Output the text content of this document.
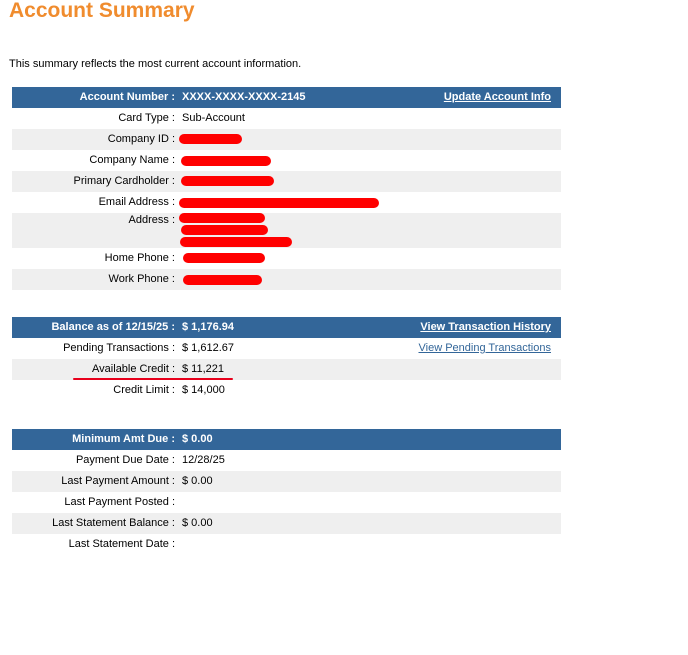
Account Summary
This summary reflects the most current account information.
Account Number : XXXX-XXXX-XXXX-2145	Update Account Info
Card Type : Sub-Account
Company ID :
Company Name :
Primary Cardholder :
Email Address :
Address :
Home Phone :
Work Phone :
Balance as of 12/15/25 : $ 1,176.94	View Transaction History
Pending Transactions : $ 1,612.67	View Pending Transactions
Available Credit : $ 11,221
Credit Limit : $ 14,000
Minimum Amt Due : $ 0.00
Payment Due Date : 12/28/25
Last Payment Amount : $ 0.00
Last Payment Posted :
Last Statement Balance : $ 0.00
Last Statement Date :
